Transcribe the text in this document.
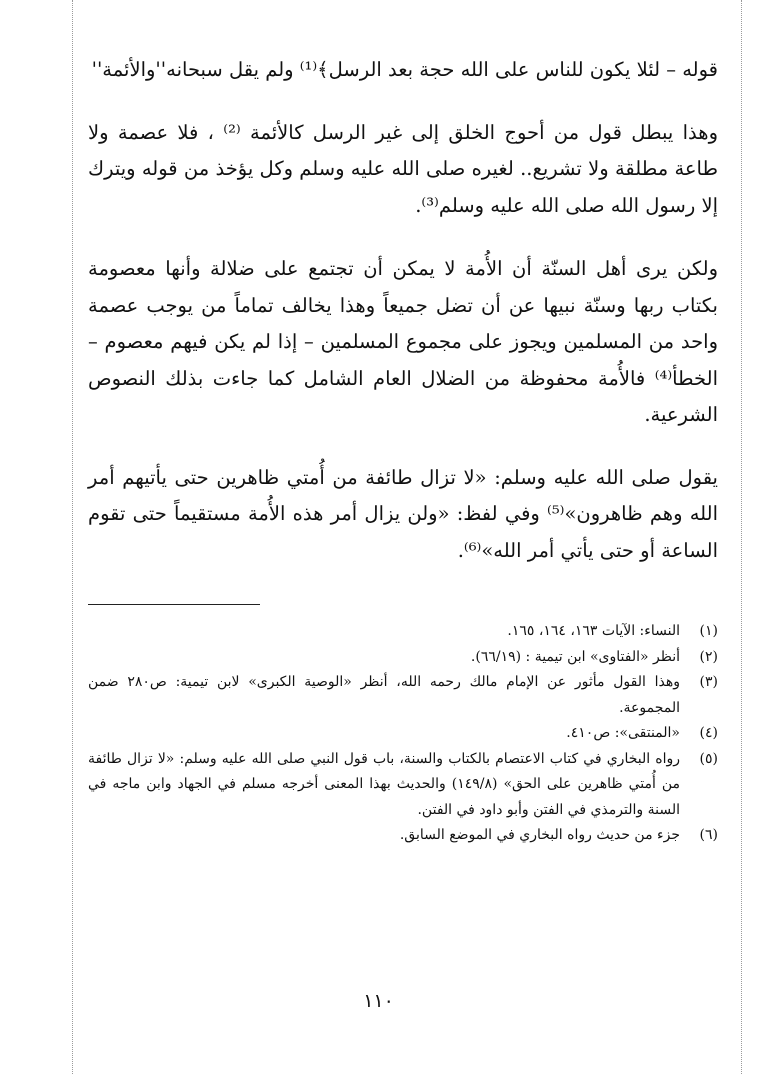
قوله – لئلا يكون للناس على الله حجة بعد الرسل﴾⁽¹⁾ ولم يقل سبحانه''والأئمة''

وهذا يبطل قول من أحوج الخلق إلى غير الرسل كالأئمة ⁽²⁾ ، فلا عصمة ولا طاعة مطلقة ولا تشريع.. لغيره صلى الله عليه وسلم وكل يؤخذ من قوله ويترك إلا رسول الله صلى الله عليه وسلم⁽³⁾.

ولكن يرى أهل السنّة أن الأُمة لا يمكن أن تجتمع على ضلالة وأنها معصومة بكتاب ربها وسنّة نبيها عن أن تضل جميعاً وهذا يخالف تماماً من يوجب عصمة واحد من المسلمين ويجوز على مجموع المسلمين – إذا لم يكن فيهم معصوم – الخطأ⁽⁴⁾ فالأُمة محفوظة من الضلال العام الشامل كما جاءت بذلك النصوص الشرعية.

يقول صلى الله عليه وسلم: «لا تزال طائفة من أُمتي ظاهرين حتى يأتيهم أمر الله وهم ظاهرون»⁽⁵⁾ وفي لفظ: «ولن يزال أمر هذه الأُمة مستقيماً حتى تقوم الساعة أو حتى يأتي أمر الله»⁽⁶⁾.

(١)
النساء: الآيات ١٦٣، ١٦٤، ١٦٥.
(٢)
أنظر «الفتاوى» ابن تيمية : (٦٦/١٩).
(٣)
وهذا القول مأثور عن الإمام مالك رحمه الله، أنظر «الوصية الكبرى» لابن تيمية: ص٢٨٠ ضمن المجموعة.
(٤)
«المنتقى»: ص٤١٠.
(٥)
رواه البخاري في كتاب الاعتصام بالكتاب والسنة، باب قول النبي صلى الله عليه وسلم: «لا تزال طائفة من أُمتي ظاهرين على الحق» (١٤٩/٨) والحديث بهذا المعنى أخرجه مسلم في الجهاد وابن ماجه في السنة والترمذي في الفتن وأبو داود في الفتن.
(٦)
جزء من حديث رواه البخاري في الموضع السابق.
١١٠
